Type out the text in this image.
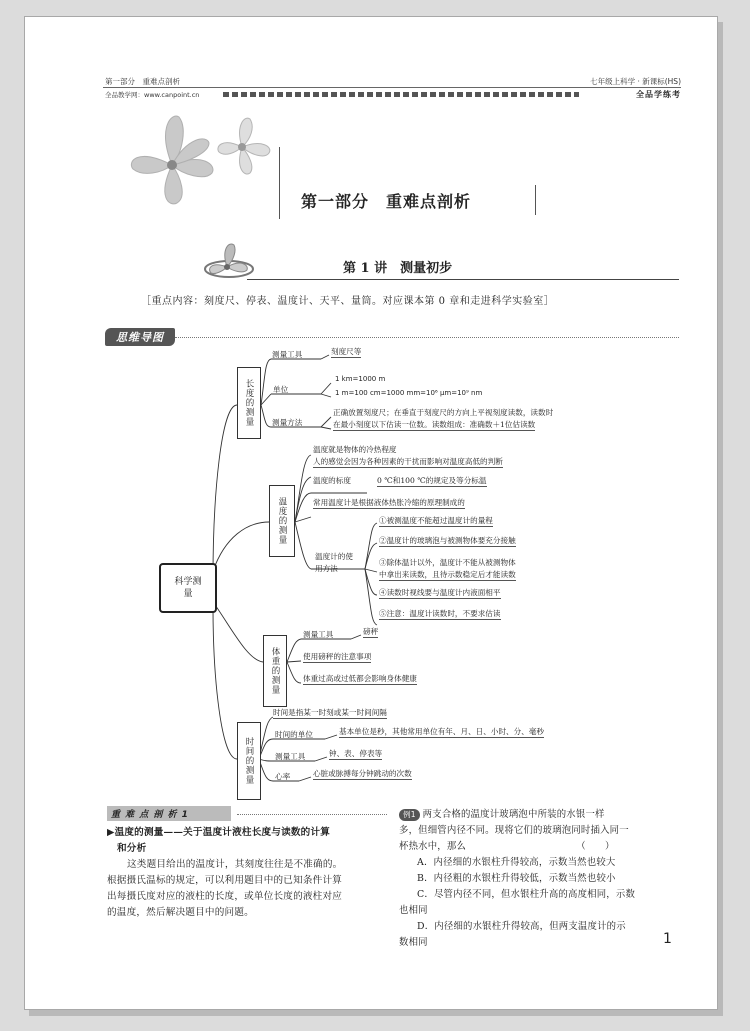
第一部分　重难点剖析	七年级上科学 · 新课标(HS)
全品教学网：www.canpoint.cn	全品学练考
第一部分　重难点剖析
第 1 讲　测量初步
［重点内容：刻度尺、停表、温度计、天平、量筒。对应课本第 0 章和走进科学实验室］
思维导图
科学测量
长度的测量
测量工具	刻度尺等
单位
1 km=1000 m
1 m=100 cm=1000 mm=10⁶ μm=10⁹ nm
测量方法
正确放置刻度尺；在垂直于刻度尺的方向上平视刻度读数，读数时
在最小刻度以下估读一位数。读数组成：准确数＋1位估读数
温度的测量
温度就是物体的冷热程度
人的感觉会因为各种因素的干扰而影响对温度高低的判断
温度的标度	0 ℃和100 ℃的规定及等分标温
常用温度计是根据液体热胀冷缩的原理制成的
温度计的使用方法
①被测温度不能超过温度计的量程
②温度计的玻璃泡与被测物体要充分接触
③除体温计以外，温度计不能从被测物体
中拿出来读数，且待示数稳定后才能读数
④读数时视线要与温度计内液面相平
⑤注意：温度计读数时，不要求估读
体重的测量
测量工具	磅秤
使用磅秤的注意事项
体重过高或过低都会影响身体健康
时间的测量
时间是指某一时刻或某一时间间隔
时间的单位	基本单位是秒，其他常用单位有年、月、日、小时、分、毫秒
测量工具	钟、表、停表等
心率	心脏或脉搏每分钟跳动的次数
重 难 点 剖 析 1
▶温度的测量——关于温度计液柱长度与读数的计算
和分析
这类题目给出的温度计，其刻度往往是不准确的。
根据摄氏温标的规定，可以利用题目中的已知条件计算
出每摄氏度对应的液柱的长度，或单位长度的液柱对应
的温度，然后解决题目中的问题。
例1 两支合格的温度计玻璃泡中所装的水银一样
多，但细管内径不同。现将它们的玻璃泡同时插入同一
杯热水中，那么　　　　　　　　　　　　（　　）
A．内径细的水银柱升得较高，示数当然也较大
B．内径粗的水银柱升得较低，示数当然也较小
C．尽管内径不同，但水银柱升高的高度相同，示数
也相同
D．内径细的水银柱升得较高，但两支温度计的示
数相同	1
